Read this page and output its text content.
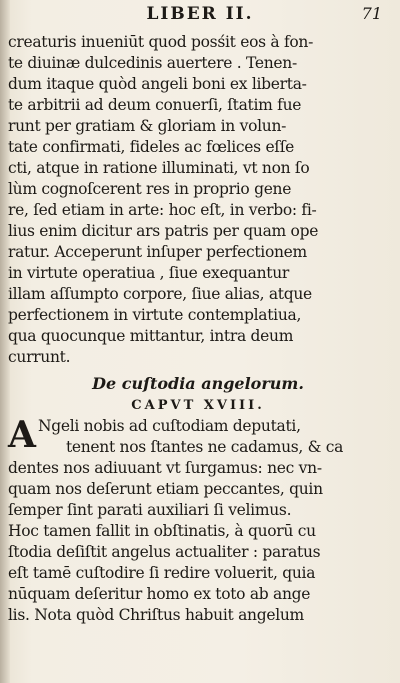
LIBER II.	71
creaturis inueniūt quod posśit eos à fon-
te diuinæ dulcedinis auertere . Tenen-
dum itaque quòd angeli boni ex liberta-
te arbitrii ad deum conuerſi, ſtatim fue
runt per gratiam & gloriam in volun-
tate confirmati, fideles ac fœlices eſſe
cti, atque in ratione illuminati, vt non ſo
lùm cognoſcerent res in proprio gene
re, ſed etiam in arte: hoc eſt, in verbo: fi-
lius enim dicitur ars patris per quam ope
ratur. Acceperunt inſuper perfectionem
in virtute operatiua , ſiue exequantur
illam aſſumpto corpore, ſiue alias, atque
perfectionem in virtute contemplatiua,
qua quocunque mittantur, intra deum
currunt.
De cuſtodia angelorum.
CAPVT XVIII.
A Ngeli nobis ad cuſtodiam deputati,
tenent nos ſtantes ne cadamus, & ca
dentes nos adiuuant vt ſurgamus: nec vn-
quam nos deſerunt etiam peccantes, quin
ſemper ſint parati auxiliari ſi velimus.
Hoc tamen fallit in obſtinatis, à quorū cu
ſtodia deſiſtit angelus actualiter : paratus
eſt tamē cuſtodire ſi redire voluerit, quia
nūquam deſeritur homo ex toto ab ange
lis. Nota quòd Chriſtus habuit angelum
